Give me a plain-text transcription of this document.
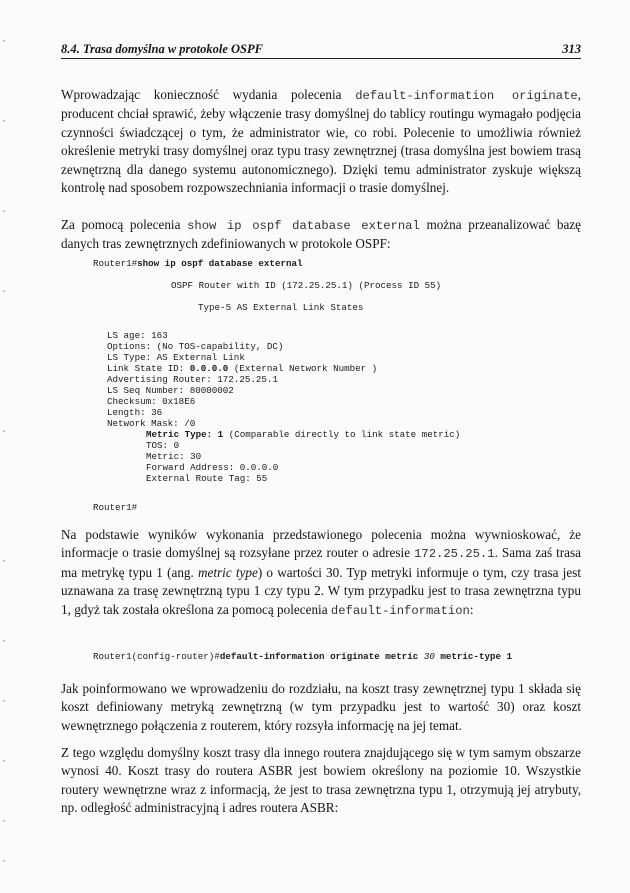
8.4. Trasa domyślna w protokole OSPF	313

Wprowadzając konieczność wydania polecenia default-information originate, producent chciał sprawić, żeby włączenie trasy domyślnej do tablicy routingu wymagało podjęcia czynności świadczącej o tym, że administrator wie, co robi. Polecenie to umożliwia również określenie metryki trasy domyślnej oraz typu trasy zewnętrznej (trasa domyślna jest bowiem trasą zewnętrzną dla danego systemu autonomicznego). Dzięki temu administrator zyskuje większą kontrolę nad sposobem rozpowszechniania informacji o trasie domyślnej.

Za pomocą polecenia show ip ospf database external można przeanalizować bazę danych tras zewnętrznych zdefiniowanych w protokole OSPF:

Router1#show ip ospf database external
OSPF Router with ID (172.25.25.1) (Process ID 55)
Type-5 AS External Link States
LS age: 163
Options: (No TOS-capability, DC)
LS Type: AS External Link
Link State ID: 0.0.0.0 (External Network Number )
Advertising Router: 172.25.25.1
LS Seq Number: 80000002
Checksum: 0x18E6
Length: 36
Network Mask: /0
Metric Type: 1 (Comparable directly to link state metric)
TOS: 0
Metric: 30
Forward Address: 0.0.0.0
External Route Tag: 55
Router1#

Na podstawie wyników wykonania przedstawionego polecenia można wywnioskować, że informacje o trasie domyślnej są rozsyłane przez router o adresie 172.25.25.1. Sama zaś trasa ma metrykę typu 1 (ang. metric type) o wartości 30. Typ metryki informuje o tym, czy trasa jest uznawana za trasę zewnętrzną typu 1 czy typu 2. W tym przypadku jest to trasa zewnętrzna typu 1, gdyż tak została określona za pomocą polecenia default-information:

Router1(config-router)#default-information originate metric 30 metric-type 1

Jak poinformowano we wprowadzeniu do rozdziału, na koszt trasy zewnętrznej typu 1 składa się koszt definiowany metryką zewnętrzną (w tym przypadku jest to wartość 30) oraz koszt wewnętrznego połączenia z routerem, który rozsyła informację na jej temat.

Z tego względu domyślny koszt trasy dla innego routera znajdującego się w tym samym obszarze wynosi 40. Koszt trasy do routera ASBR jest bowiem określony na poziomie 10. Wszystkie routery wewnętrzne wraz z informacją, że jest to trasa zewnętrzna typu 1, otrzymują jej atrybuty, np. odległość administracyjną i adres routera ASBR:
